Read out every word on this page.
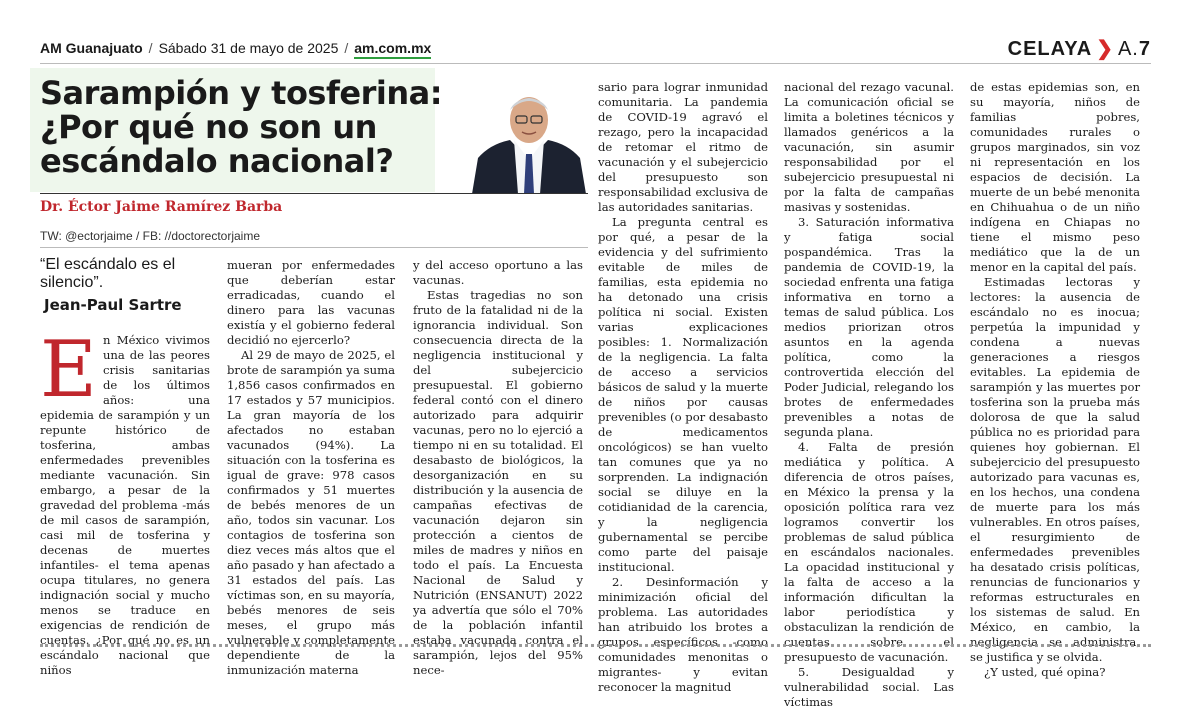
AM Guanajuato / Sábado 31 de mayo de 2025 / am.com.mx	CELAYA ❯ A.7
Sarampión y tosferina: ¿Por qué no son un escándalo nacional?
Dr. Éctor Jaime Ramírez Barba
TW: @ectorjaime / FB: //doctorectorjaime
“El escándalo es el silencio”.
Jean-Paul Sartre

En México vivimos una de las peores crisis sanitarias de los últimos años: una epidemia de sarampión y un repunte histórico de tosferina, ambas enfermedades prevenibles mediante vacunación. Sin embargo, a pesar de la gravedad del problema -más de mil casos de sarampión, casi mil de tosferina y decenas de muertes infantiles- el tema apenas ocupa titulares, no genera indignación social y mucho menos se traduce en exigencias de rendición de cuentas. ¿Por qué no es un escándalo nacional que niños

mueran por enfermedades que deberían estar erradicadas, cuando el dinero para las vacunas existía y el gobierno federal decidió no ejercerlo?

Al 29 de mayo de 2025, el brote de sarampión ya suma 1,856 casos confirmados en 17 estados y 57 municipios. La gran mayoría de los afectados no estaban vacunados (94%). La situación con la tosferina es igual de grave: 978 casos confirmados y 51 muertes de bebés menores de un año, todos sin vacunar. Los contagios de tosferina son diez veces más altos que el año pasado y han afectado a 31 estados del país. Las víctimas son, en su mayoría, bebés menores de seis meses, el grupo más vulnerable y completamente dependiente de la inmunización materna

y del acceso oportuno a las vacunas.

Estas tragedias no son fruto de la fatalidad ni de la ignorancia individual. Son consecuencia directa de la negligencia institucional y del subejercicio presupuestal. El gobierno federal contó con el dinero autorizado para adquirir vacunas, pero no lo ejerció a tiempo ni en su totalidad. El desabasto de biológicos, la desorganización en su distribución y la ausencia de campañas efectivas de vacunación dejaron sin protección a cientos de miles de madres y niños en todo el país. La Encuesta Nacional de Salud y Nutrición (ENSANUT) 2022 ya advertía que sólo el 70% de la población infantil estaba vacunada contra el sarampión, lejos del 95% nece-

sario para lograr inmunidad comunitaria. La pandemia de COVID-19 agravó el rezago, pero la incapacidad de retomar el ritmo de vacunación y el subejercicio del presupuesto son responsabilidad exclusiva de las autoridades sanitarias.

La pregunta central es por qué, a pesar de la evidencia y del sufrimiento evitable de miles de familias, esta epidemia no ha detonado una crisis política ni social. Existen varias explicaciones posibles: 1. Normalización de la negligencia. La falta de acceso a servicios básicos de salud y la muerte de niños por causas prevenibles (o por desabasto de medicamentos oncológicos) se han vuelto tan comunes que ya no sorprenden. La indignación social se diluye en la cotidianidad de la carencia, y la negligencia gubernamental se percibe como parte del paisaje institucional.

2. Desinformación y minimización oficial del problema. Las autoridades han atribuido los brotes a grupos específicos -como comunidades menonitas o migrantes- y evitan reconocer la magnitud

nacional del rezago vacunal. La comunicación oficial se limita a boletines técnicos y llamados genéricos a la vacunación, sin asumir responsabilidad por el subejercicio presupuestal ni por la falta de campañas masivas y sostenidas.

3. Saturación informativa y fatiga social pospandémica. Tras la pandemia de COVID-19, la sociedad enfrenta una fatiga informativa en torno a temas de salud pública. Los medios priorizan otros asuntos en la agenda política, como la controvertida elección del Poder Judicial, relegando los brotes de enfermedades prevenibles a notas de segunda plana.

4. Falta de presión mediática y política. A diferencia de otros países, en México la prensa y la oposición política rara vez logramos convertir los problemas de salud pública en escándalos nacionales. La opacidad institucional y la falta de acceso a la información dificultan la labor periodística y obstaculizan la rendición de cuentas sobre el presupuesto de vacunación.

5. Desigualdad y vulnerabilidad social. Las víctimas

de estas epidemias son, en su mayoría, niños de familias pobres, comunidades rurales o grupos marginados, sin voz ni representación en los espacios de decisión. La muerte de un bebé menonita en Chihuahua o de un niño indígena en Chiapas no tiene el mismo peso mediático que la de un menor en la capital del país.

Estimadas lectoras y lectores: la ausencia de escándalo no es inocua; perpetúa la impunidad y condena a nuevas generaciones a riesgos evitables. La epidemia de sarampión y las muertes por tosferina son la prueba más dolorosa de que la salud pública no es prioridad para quienes hoy gobiernan. El subejercicio del presupuesto autorizado para vacunas es, en los hechos, una condena de muerte para los más vulnerables. En otros países, el resurgimiento de enfermedades prevenibles ha desatado crisis políticas, renuncias de funcionarios y reformas estructurales en los sistemas de salud. En México, en cambio, la negligencia se administra, se justifica y se olvida.

¿Y usted, qué opina?
